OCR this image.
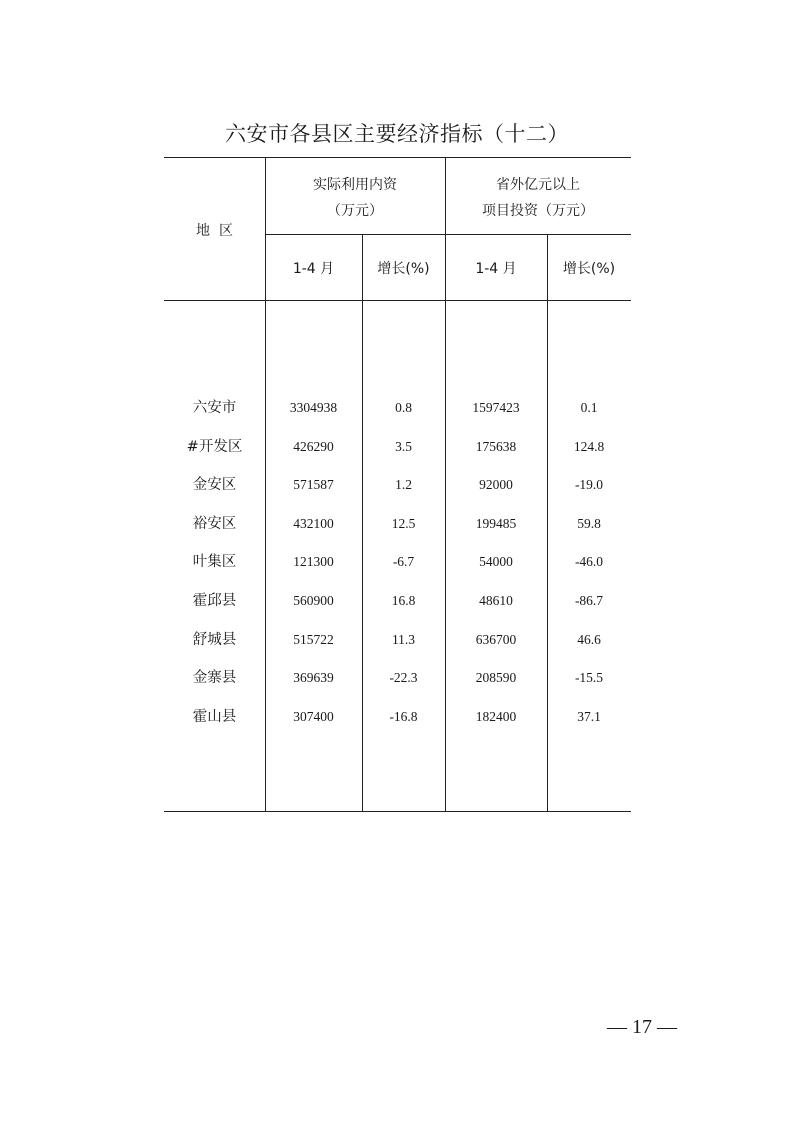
六安市各县区主要经济指标（十二）
地  区
实际利用内资
（万元）
省外亿元以上
项目投资（万元）
1-4 月	增长(%)	1-4 月	增长(%)
六安市	3304938	0.8	1597423	0.1
#开发区	426290	3.5	175638	124.8
金安区	571587	1.2	92000	-19.0
裕安区	432100	12.5	199485	59.8
叶集区	121300	-6.7	54000	-46.0
霍邱县	560900	16.8	48610	-86.7
舒城县	515722	11.3	636700	46.6
金寨县	369639	-22.3	208590	-15.5
霍山县	307400	-16.8	182400	37.1
— 17 —
